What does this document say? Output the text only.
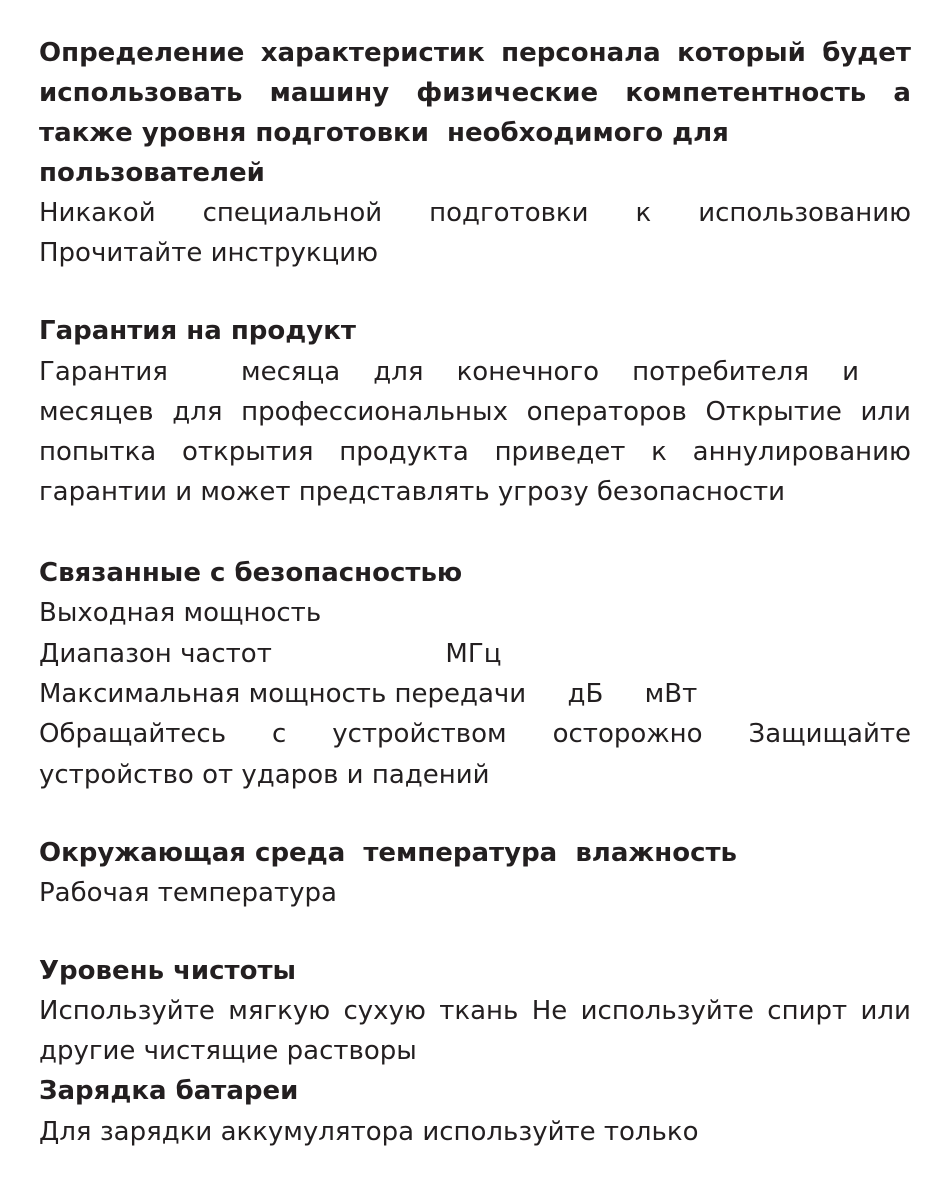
Определение характеристик персонала который будет
использовать машину физические компетентность а
также уровня подготовки  необходимого для
пользователей
Никакой специальной подготовки к использованию
Прочитайте инструкцию
Гарантия на продукт
Гарантия	месяца для конечного потребителя и
месяцев для профессиональных операторов Открытие или
попытка открытия продукта приведет к аннулированию
гарантии и может представлять угрозу безопасности
Связанные с безопасностью
Выходная мощность
Диапазон частот                     МГц
Максимальная мощность передачи     дБ     мВт
Обращайтесь с устройством осторожно Защищайте
устройство от ударов и падений
Окружающая среда  температура  влажность
Рабочая температура
Уровень чистоты
Используйте мягкую сухую ткань Не используйте спирт или
другие чистящие растворы
Зарядка батареи
Для зарядки аккумулятора используйте только
